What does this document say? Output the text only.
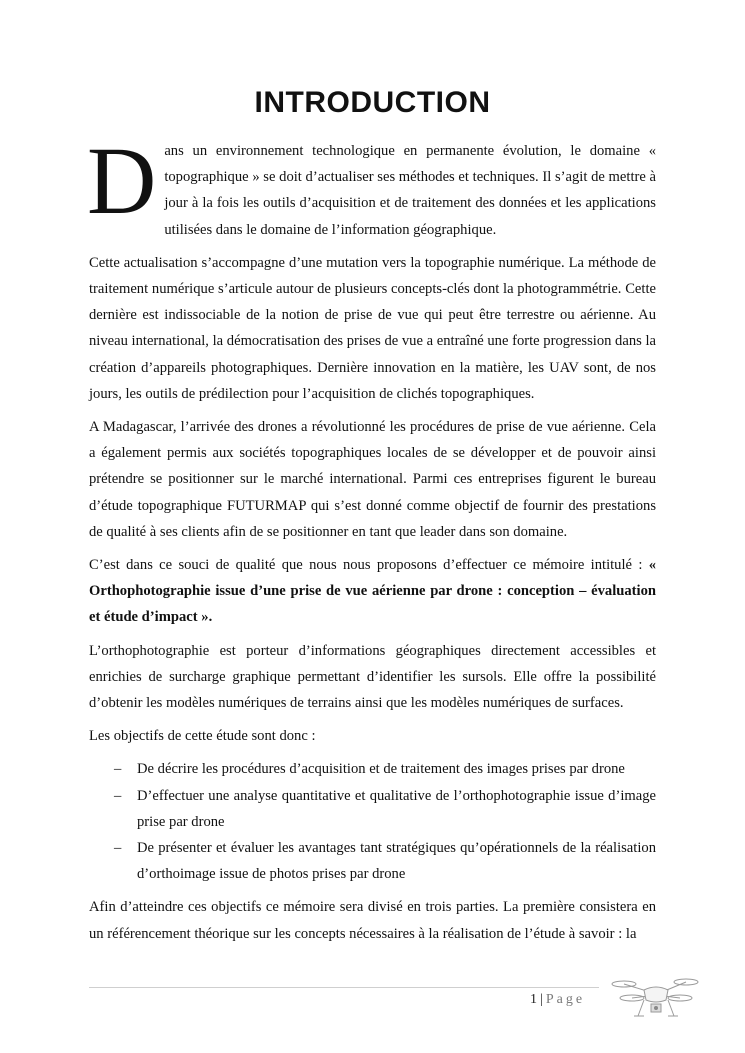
INTRODUCTION

Dans un environnement technologique en permanente évolution, le domaine « topographique » se doit d’actualiser ses méthodes et techniques. Il s’agit de mettre à jour à la fois les outils d’acquisition et de traitement des données et les applications utilisées dans le domaine de l’information géographique.

Cette actualisation s’accompagne d’une mutation vers la topographie numérique. La méthode de traitement numérique s’articule autour de plusieurs concepts-clés dont la photogrammétrie. Cette dernière est indissociable de la notion de prise de vue qui peut être terrestre ou aérienne. Au niveau international, la démocratisation des prises de vue a entraîné une forte progression dans la création d’appareils photographiques. Dernière innovation en la matière, les UAV sont, de nos jours, les outils de prédilection pour l’acquisition de clichés topographiques.

A Madagascar, l’arrivée des drones a révolutionné les procédures de prise de vue aérienne. Cela a également permis aux sociétés topographiques locales de se développer et de pouvoir ainsi prétendre se positionner sur le marché international. Parmi ces entreprises figurent le bureau d’étude topographique FUTURMAP qui s’est donné comme objectif de fournir des prestations de qualité à ses clients afin de se positionner en tant que leader dans son domaine.

C’est dans ce souci de qualité que nous nous proposons d’effectuer ce mémoire intitulé : « Orthophotographie issue d’une prise de vue aérienne par drone : conception – évaluation et étude d’impact ».

L’orthophotographie est porteur d’informations géographiques directement accessibles et enrichies de surcharge graphique permettant d’identifier les sursols. Elle offre la possibilité d’obtenir les modèles numériques de terrains ainsi que les modèles numériques de surfaces.

Les objectifs de cette étude sont donc :

– De décrire les procédures d’acquisition et de traitement des images prises par drone
– D’effectuer une analyse quantitative et qualitative de l’orthophotographie issue d’image prise par drone
– De présenter et évaluer les avantages tant stratégiques qu’opérationnels de la réalisation d’orthoimage issue de photos prises par drone

Afin d’atteindre ces objectifs ce mémoire sera divisé en trois parties. La première consistera en un référencement théorique sur les concepts nécessaires à la réalisation de l’étude à savoir : la

1 | Page
